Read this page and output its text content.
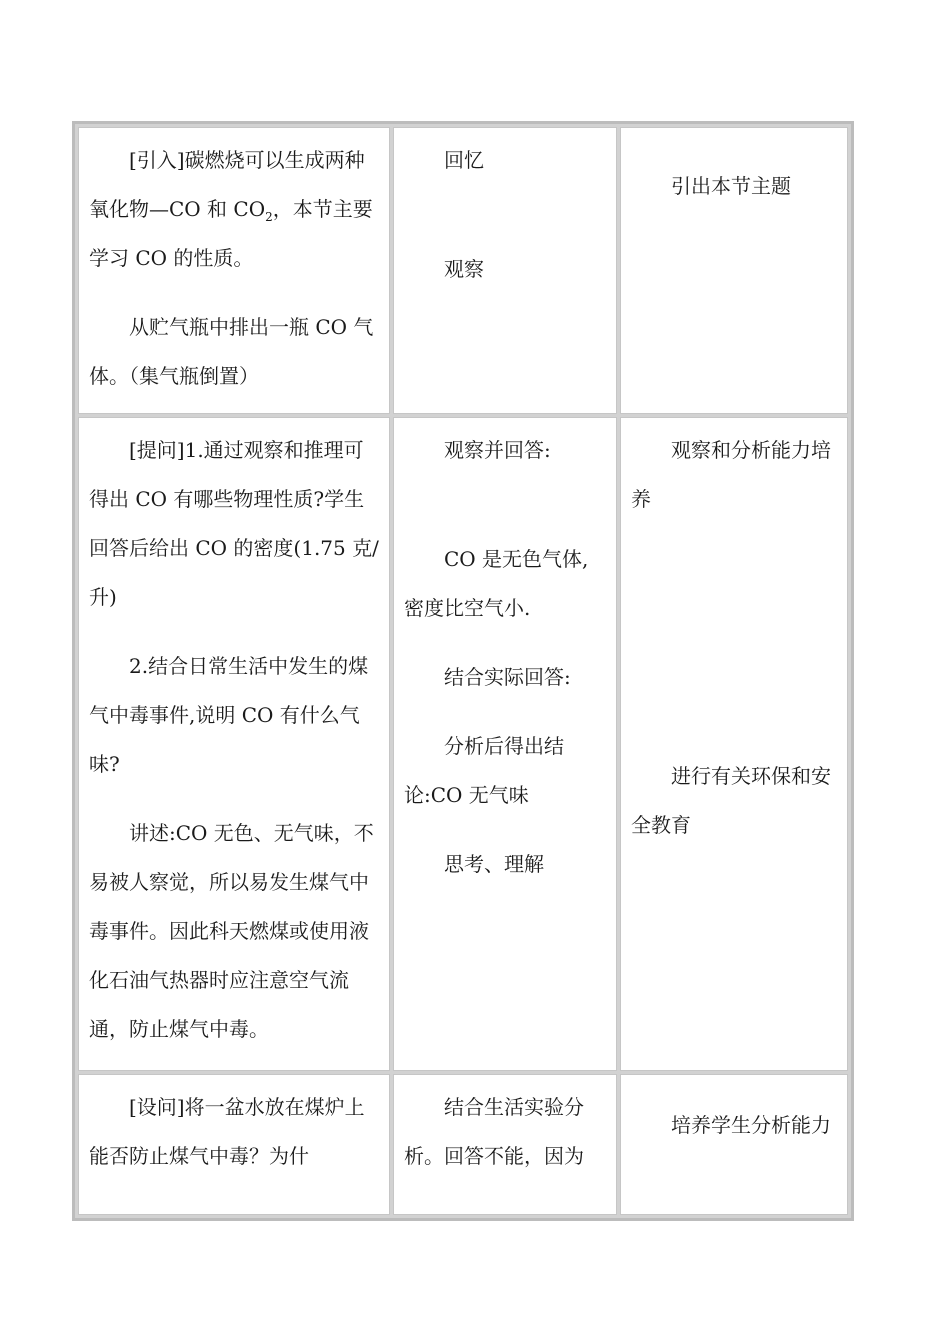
[引入]碳燃烧可以生成两种氧化物—CO 和 $CO_2$，本节主要学习 CO 的性质。

从贮气瓶中排出一瓶 CO 气体。（集气瓶倒置）

回忆

观察

引出本节主题

[提问]1.通过观察和推理可得出 CO 有哪些物理性质?学生回答后给出 CO 的密度(1.75 克/升)

2.结合日常生活中发生的煤气中毒事件,说明 CO 有什么气味?

讲述:CO 无色、无气味，不易被人察觉，所以易发生煤气中毒事件。因此科天燃煤或使用液化石油气热器时应注意空气流通，防止煤气中毒。

观察并回答:

CO 是无色气体,密度比空气小.

结合实际回答:

分析后得出结论:CO 无气味

思考、理解

观察和分析能力培养

进行有关环保和安全教育

[设问]将一盆水放在煤炉上能否防止煤气中毒？为什

结合生活实验分析。回答不能，因为

培养学生分析能力
